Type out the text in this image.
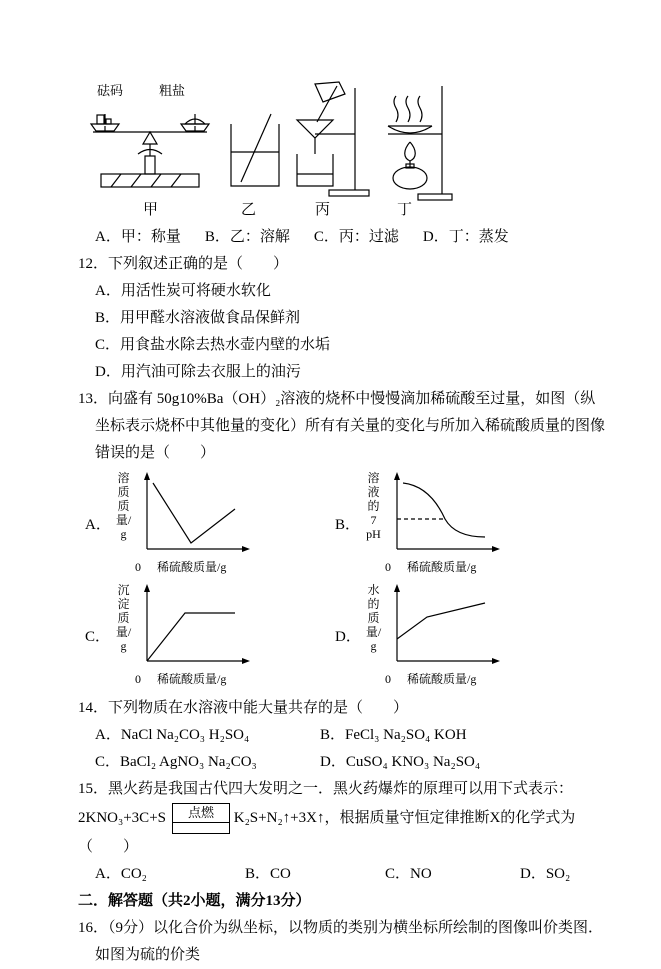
砝码	粗盐
甲	乙	丙	丁
A．甲：称量 B．乙：溶解 C．丙：过滤 D．丁：蒸发

12．下列叙述正确的是（　　）

A．用活性炭可将硬水软化

B．用甲醛水溶液做食品保鲜剂

C．用食盐水除去热水壶内壁的水垢

D．用汽油可除去衣服上的油污

13．向盛有 50g10%Ba（OH）₂溶液的烧杯中慢慢滴加稀硫酸至过量，如图（纵坐标表示烧杯中其他量的变化）所有有关量的变化与所加入稀硫酸质量的图像错误的是（　　）

A．
溶质质量/g
0 稀硫酸质量/g
B．
溶液的
7
pH
0 稀硫酸质量/g
C．
沉淀质量/g
0 稀硫酸质量/g
D．
水的质量/g
0 稀硫酸质量/g

14．下列物质在水溶液中能大量共存的是（　　）

A．NaCl Na₂CO₃ H₂SO₄	B．FeCl₃ Na₂SO₄ KOH
C．BaCl₂ AgNO₃ Na₂CO₃	D．CuSO₄ KNO₃ Na₂SO₄

15．黑火药是我国古代四大发明之一．黑火药爆炸的原理可以用下式表示：2KNO₃+3C+S	点燃	K₂S+N₂↑+3X↑，根据质量守恒定律推断X的化学式为（　　）

A．CO₂	B．CO	C．NO	D．SO₂

二．解答题（共2小题，满分13分）

16．（9分）以化合价为纵坐标，以物质的类别为横坐标所绘制的图像叫价类图．如图为硫的价类
